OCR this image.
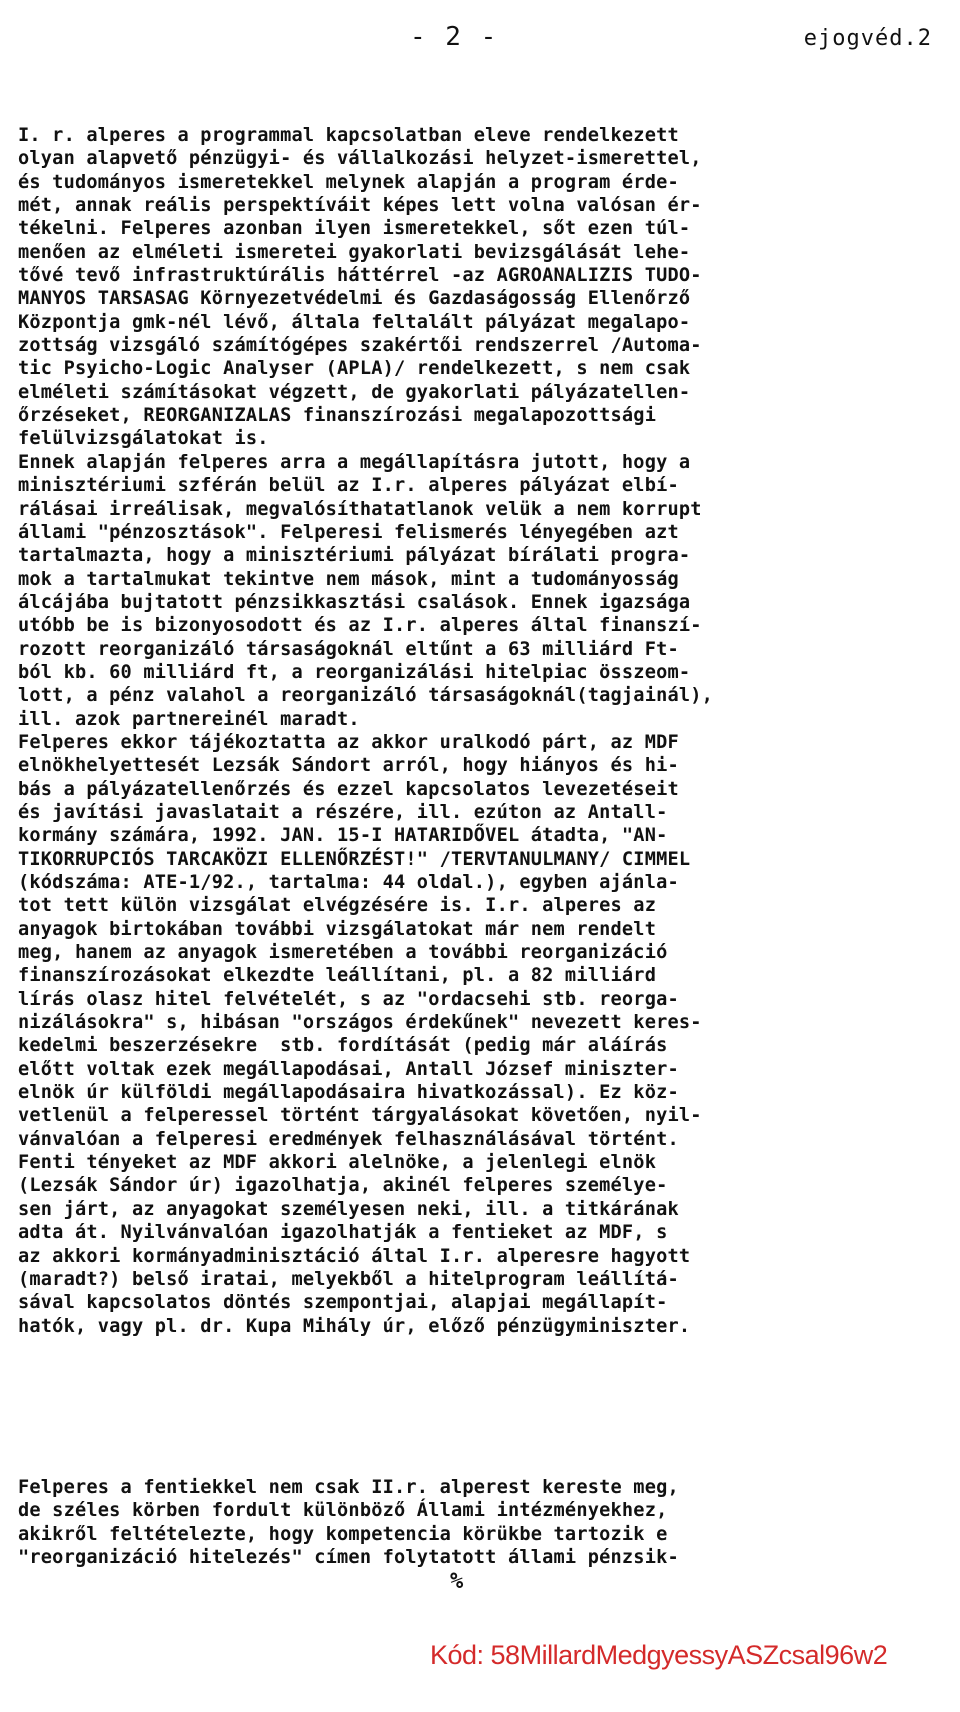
- 2 -	ejogvéd.2
I. r. alperes a programmal kapcsolatban eleve rendelkezett
olyan alapvető pénzügyi- és vállalkozási helyzet-ismerettel,
és tudományos ismeretekkel melynek alapján a program érde-
mét, annak reális perspektíváit képes lett volna valósan ér-
tékelni. Felperes azonban ilyen ismeretekkel, sőt ezen túl-
menően az elméleti ismeretei gyakorlati bevizsgálását lehe-
tővé tevő infrastruktúrális háttérrel -az AGROANALIZIS TUDO-
MANYOS TARSASAG Környezetvédelmi és Gazdaságosság Ellenőrző
Központja gmk-nél lévő, általa feltalált pályázat megalapo-
zottság vizsgáló számítógépes szakértői rendszerrel /Automa-
tic Psyicho-Logic Analyser (APLA)/ rendelkezett, s nem csak
elméleti számításokat végzett, de gyakorlati pályázatellen-
őrzéseket, REORGANIZALAS finanszírozási megalapozottsági
felülvizsgálatokat is.
Ennek alapján felperes arra a megállapításra jutott, hogy a
minisztériumi szférán belül az I.r. alperes pályázat elbí-
rálásai irreálisak, megvalósíthatatlanok velük a nem korrupt
állami "pénzosztások". Felperesi felismerés lényegében azt
tartalmazta, hogy a minisztériumi pályázat bírálati progra-
mok a tartalmukat tekintve nem mások, mint a tudományosság
álcájába bujtatott pénzsikkasztási csalások. Ennek igazsága
utóbb be is bizonyosodott és az I.r. alperes által finanszí-
rozott reorganizáló társaságoknál eltűnt a 63 milliárd Ft-
ból kb. 60 milliárd ft, a reorganizálási hitelpiac összeom-
lott, a pénz valahol a reorganizáló társaságoknál(tagjainál),
ill. azok partnereinél maradt.
Felperes ekkor tájékoztatta az akkor uralkodó párt, az MDF
elnökhelyettesét Lezsák Sándort arról, hogy hiányos és hi-
bás a pályázatellenőrzés és ezzel kapcsolatos levezetéseit
és javítási javaslatait a részére, ill. ezúton az Antall-
kormány számára, 1992. JAN. 15-I HATARIDŐVEL átadta, "AN-
TIKORRUPCIÓS TARCAKÖZI ELLENŐRZÉST!" /TERVTANULMANY/ CIMMEL
(kódszáma: ATE-1/92., tartalma: 44 oldal.), egyben ajánla-
tot tett külön vizsgálat elvégzésére is. I.r. alperes az
anyagok birtokában további vizsgálatokat már nem rendelt
meg, hanem az anyagok ismeretében a további reorganizáció
finanszírozásokat elkezdte leállítani, pl. a 82 milliárd
lírás olasz hitel felvételét, s az "ordacsehi stb. reorga-
nizálásokra" s, hibásan "országos érdekűnek" nevezett keres-
kedelmi beszerzésekre  stb. fordítását (pedig már aláírás
előtt voltak ezek megállapodásai, Antall József miniszter-
elnök úr külföldi megállapodásaira hivatkozással). Ez köz-
vetlenül a felperessel történt tárgyalásokat követően, nyil-
vánvalóan a felperesi eredmények felhasználásával történt.
Fenti tényeket az MDF akkori alelnöke, a jelenlegi elnök
(Lezsák Sándor úr) igazolhatja, akinél felperes személye-
sen járt, az anyagokat személyesen neki, ill. a titkárának
adta át. Nyilvánvalóan igazolhatják a fentieket az MDF, s
az akkori kormányadminisztáció által I.r. alperesre hagyott
(maradt?) belső iratai, melyekből a hitelprogram leállítá-
sával kapcsolatos döntés szempontjai, alapjai megállapít-
hatók, vagy pl. dr. Kupa Mihály úr, előző pénzügyminiszter.
Felperes a fentiekkel nem csak II.r. alperest kereste meg,
de széles körben fordult különböző Állami intézményekhez,
akikről feltételezte, hogy kompetencia körükbe tartozik e
"reorganizáció hitelezés" címen folytatott állami pénzsik-
%
Kód: 58MillardMedgyessyASZcsal96w2
